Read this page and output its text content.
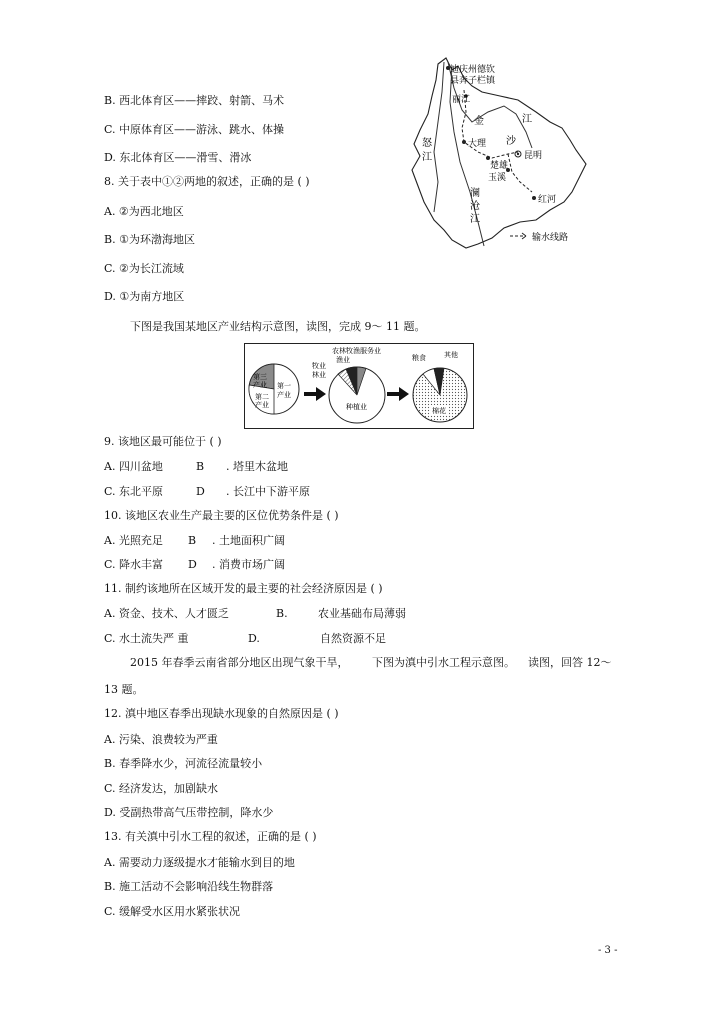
迪庆州德钦
县奔子栏镇
丽江
金	江
沙
大理
楚雄
昆明
玉溪
红河
怒
江
澜
沧
江
输水线路
B. 西北体育区——摔跤、射箭、马术
C. 中原体育区——游泳、跳水、体操
D. 东北体育区——滑雪、滑冰
8. 关于表中①②两地的叙述，正确的是 ( )
A. ②为西北地区
B. ①为环渤海地区
C. ②为长江流域
D. ①为南方地区
下图是我国某地区产业结构示意图，读图，完成 9～ 11 题。
第三
产业
第二
产业
第一
产业
农林牧渔服务业
渔业
牧业
林业
种植业
粮食	其他
棉花
9. 该地区最可能位于 ( )
A. 四川盆地	B . 塔里木盆地
C. 东北平原	D . 长江中下游平原
10. 该地区农业生产最主要的区位优势条件是 ( )
A. 光照充足 B . 土地面积广阔
C. 降水丰富 D . 消费市场广阔
11. 制约该地所在区域开发的最主要的社会经济原因是 ( )
A. 资金、技术、人才匮乏	B.	农业基础布局薄弱
C. 水土流失严 重	D.	自然资源不足
2015 年春季云南省部分地区出现气象干旱， 下图为滇中引水工程示意图。 读图，回答 12～
13 题。
12. 滇中地区春季出现缺水现象的自然原因是 ( )
A. 污染、浪费较为严重
B. 春季降水少，河流径流量较小
C. 经济发达，加剧缺水
D. 受副热带高气压带控制，降水少
13. 有关滇中引水工程的叙述，正确的是 ( )
A. 需要动力逐级提水才能输水到目的地
B. 施工活动不会影响沿线生物群落
C. 缓解受水区用水紧张状况
- 3 -
